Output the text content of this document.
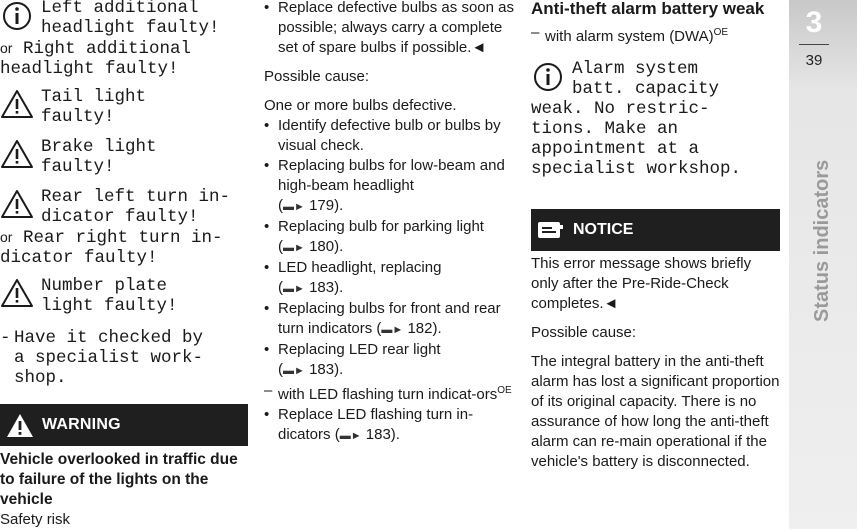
Left additional
headlight faulty!
or Right additional
headlight faulty!
Tail light
faulty!
Brake light
faulty!
Rear left turn in-
dicator faulty!
or Rear right turn in-
dicator faulty!
Number plate
light faulty!
- Have it checked by
a specialist work-
shop.
WARNING
Vehicle overlooked in traffic due to failure of the lights on the vehicle
Safety risk
• Replace defective bulbs as soon as possible; always carry a complete set of spare bulbs if possible.◄
Possible cause:
One or more bulbs defective.
• Identify defective bulb or bulbs by visual check.
• Replacing bulbs for low-beam and high-beam headlight
(▬► 179).
• Replacing bulb for parking light
(▬► 180).
• LED headlight, replacing
(▬► 183).
• Replacing bulbs for front and rear turn indicators (▬► 182).
• Replacing LED rear light
(▬► 183).
– with LED flashing turn indicat-ors$^{OE}$
• Replace LED flashing turn in-dicators (▬► 183).
Anti-theft alarm battery weak
– with alarm system (DWA)$^{OE}$
Alarm system
batt. capacity
weak. No restric-
tions. Make an
appointment at a
specialist workshop.
NOTICE
This error message shows briefly only after the Pre-Ride-Check completes.◄
Possible cause:
The integral battery in the anti-theft alarm has lost a significant proportion of its original capacity. There is no assurance of how long the anti-theft alarm can re-main operational if the vehicle's battery is disconnected.
3
39
Status indicators
